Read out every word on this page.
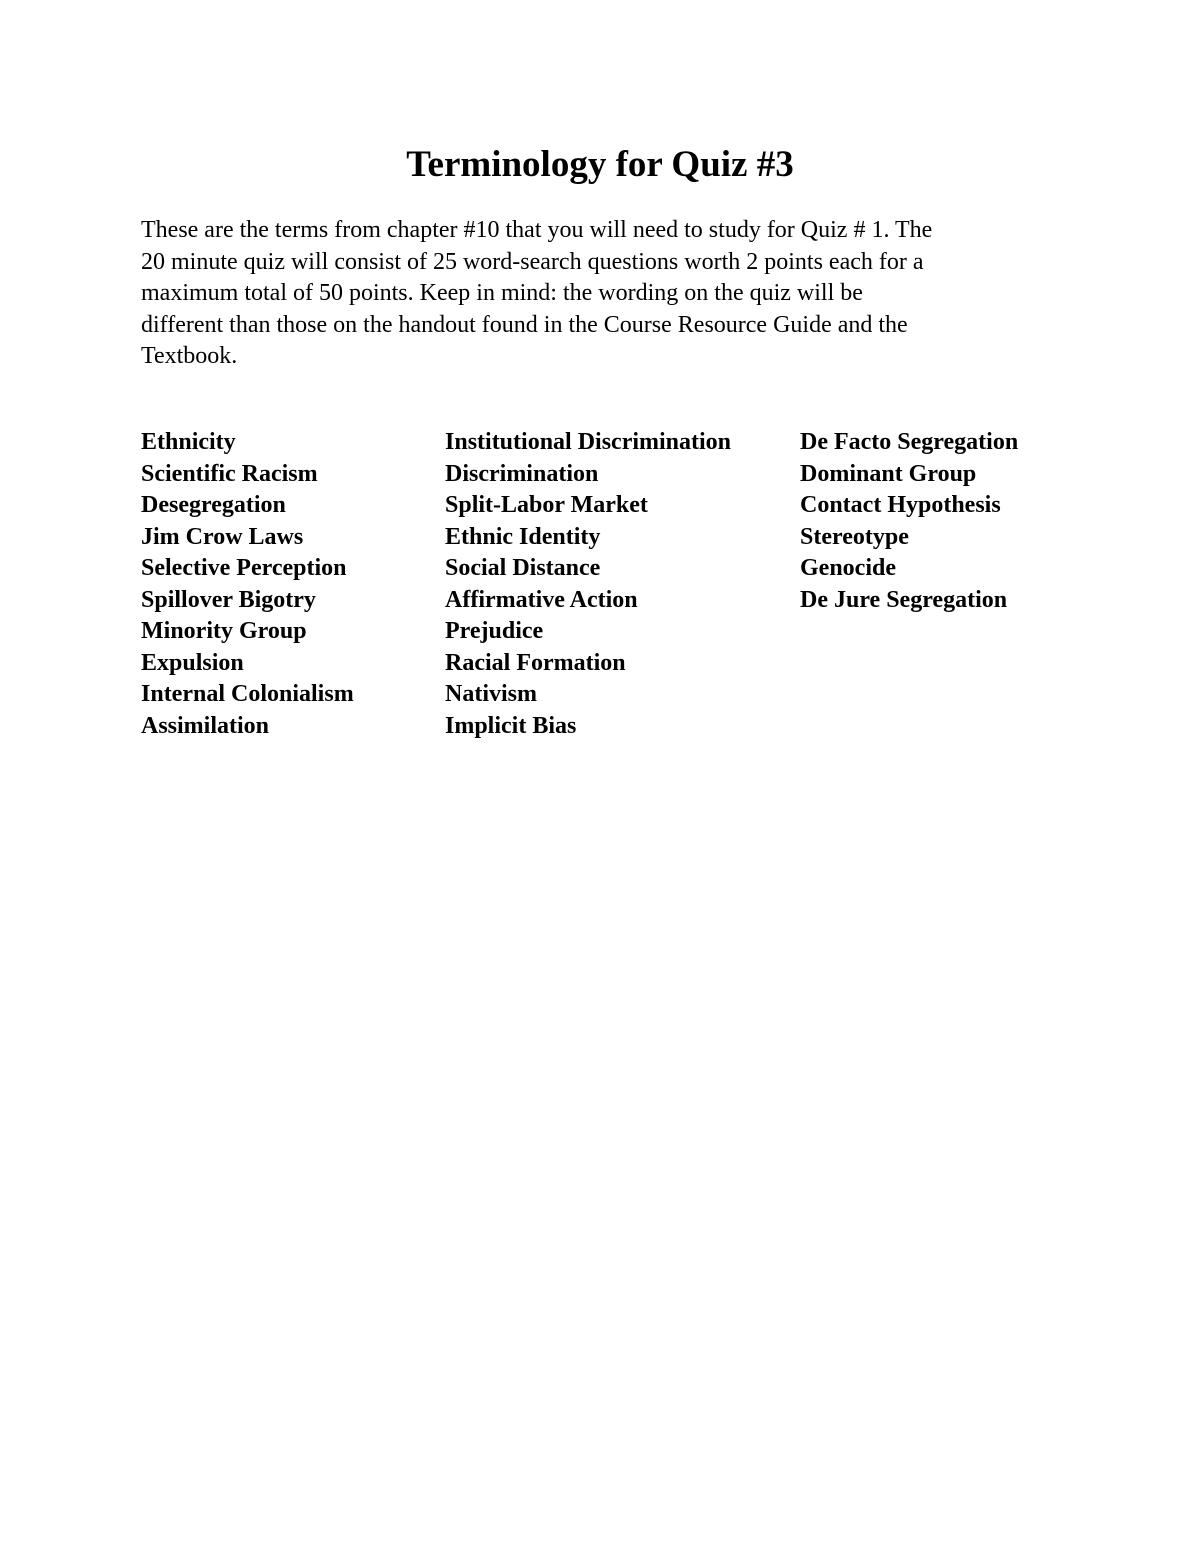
Terminology for Quiz #3

These are the terms from chapter #10 that you will need to study for Quiz # 1. The
20 minute quiz will consist of 25 word-search questions worth 2 points each for a
maximum total of 50 points. Keep in mind: the wording on the quiz will be
different than those on the handout found in the Course Resource Guide and the
Textbook.

Ethnicity
Scientific Racism
Desegregation
Jim Crow Laws
Selective Perception
Spillover Bigotry
Minority Group
Expulsion
Internal Colonialism
Assimilation
Institutional Discrimination
Discrimination
Split-Labor Market
Ethnic Identity
Social Distance
Affirmative Action
Prejudice
Racial Formation
Nativism
Implicit Bias
De Facto Segregation
Dominant Group
Contact Hypothesis
Stereotype
Genocide
De Jure Segregation
